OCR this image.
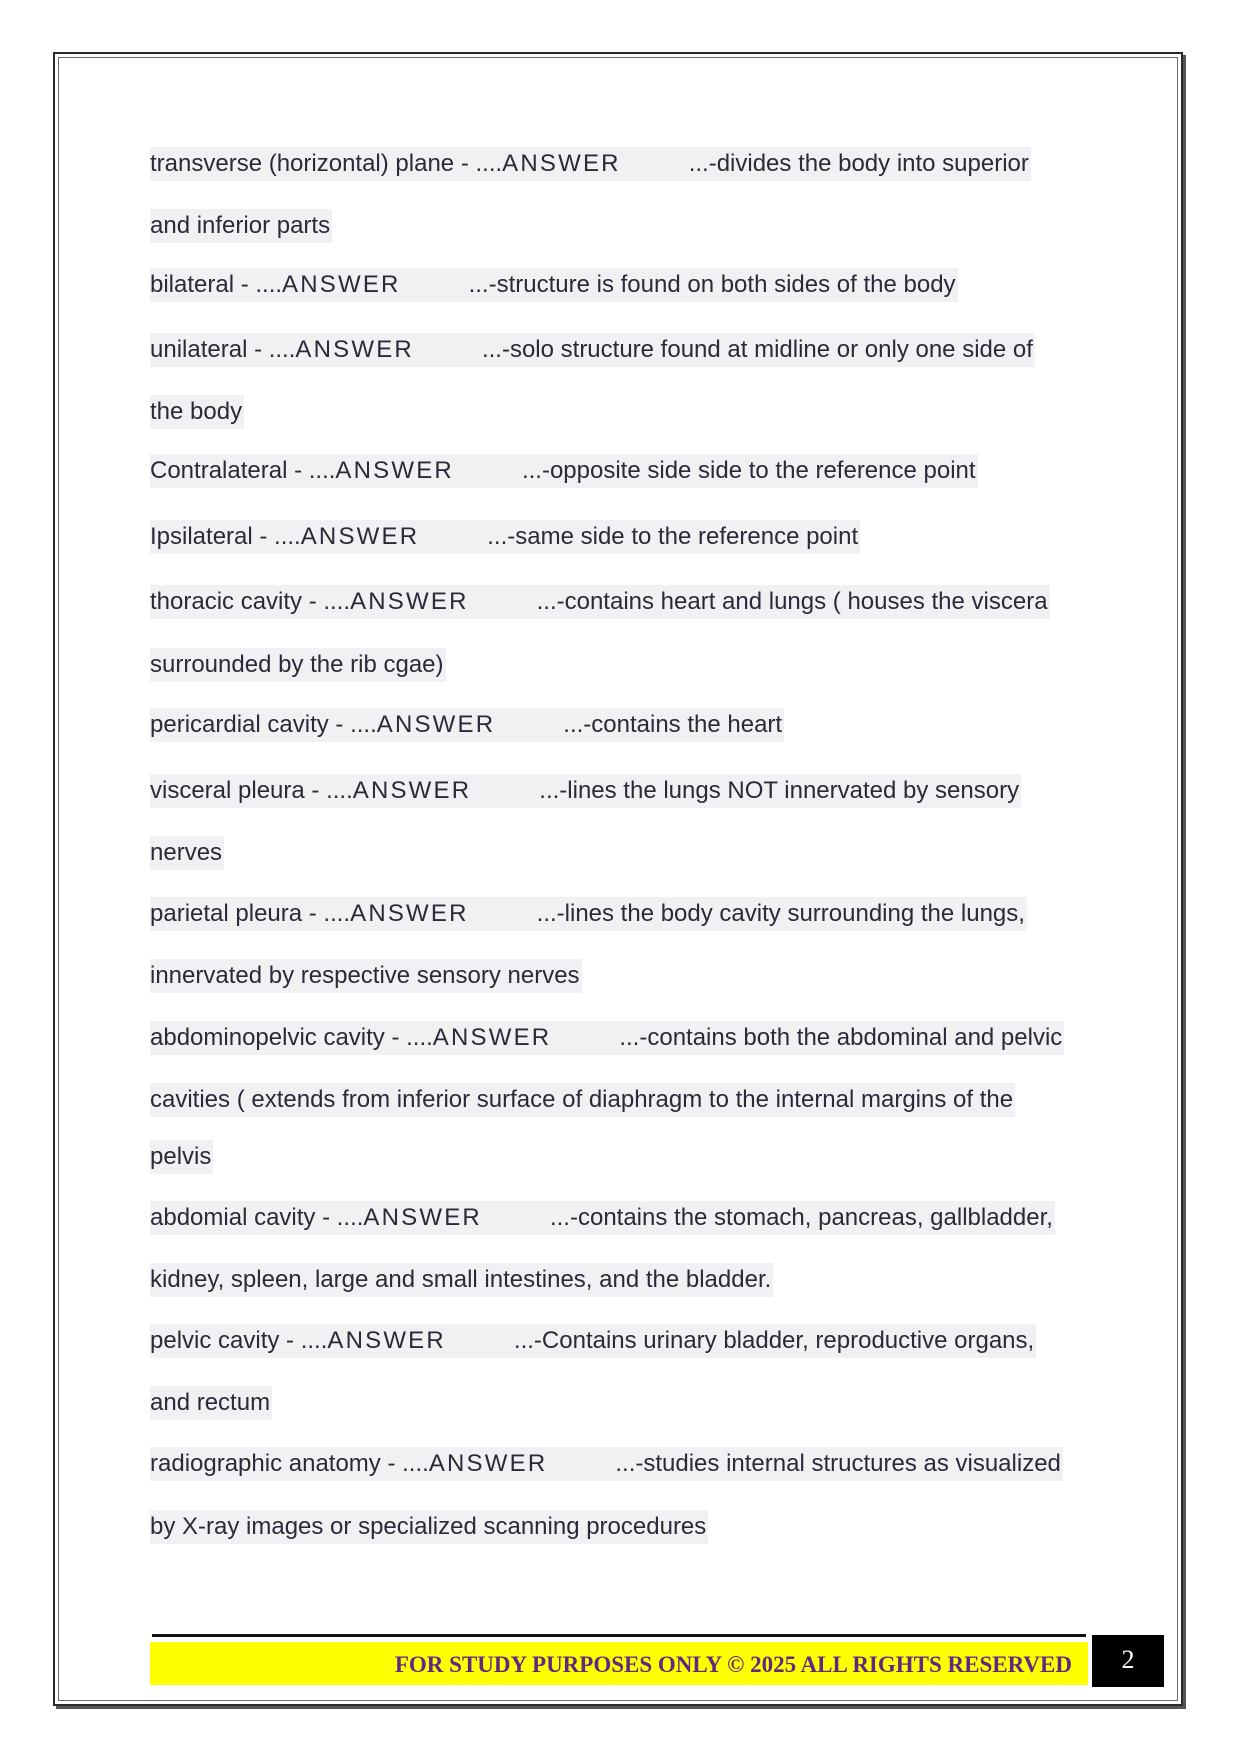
transverse (horizontal) plane - ....ANSWER	...-divides the body into superior
and inferior parts
bilateral - ....ANSWER	...-structure is found on both sides of the body
unilateral - ....ANSWER	...-solo structure found at midline or only one side of
the body
Contralateral - ....ANSWER	...-opposite side side to the reference point
Ipsilateral - ....ANSWER	...-same side to the reference point
thoracic cavity - ....ANSWER	...-contains heart and lungs ( houses the viscera
surrounded by the rib cgae)
pericardial cavity - ....ANSWER	...-contains the heart
visceral pleura - ....ANSWER	...-lines the lungs NOT innervated by sensory
nerves
parietal pleura - ....ANSWER	...-lines the body cavity surrounding the lungs,
innervated by respective sensory nerves
abdominopelvic cavity - ....ANSWER	...-contains both the abdominal and pelvic
cavities ( extends from inferior surface of diaphragm to the internal margins of the
pelvis
abdomial cavity - ....ANSWER	...-contains the stomach, pancreas, gallbladder,
kidney, spleen, large and small intestines, and the bladder.
pelvic cavity - ....ANSWER	...-Contains urinary bladder, reproductive organs,
and rectum
radiographic anatomy - ....ANSWER	...-studies internal structures as visualized
by X-ray images or specialized scanning procedures
FOR STUDY PURPOSES ONLY © 2025 ALL RIGHTS RESERVED	2
